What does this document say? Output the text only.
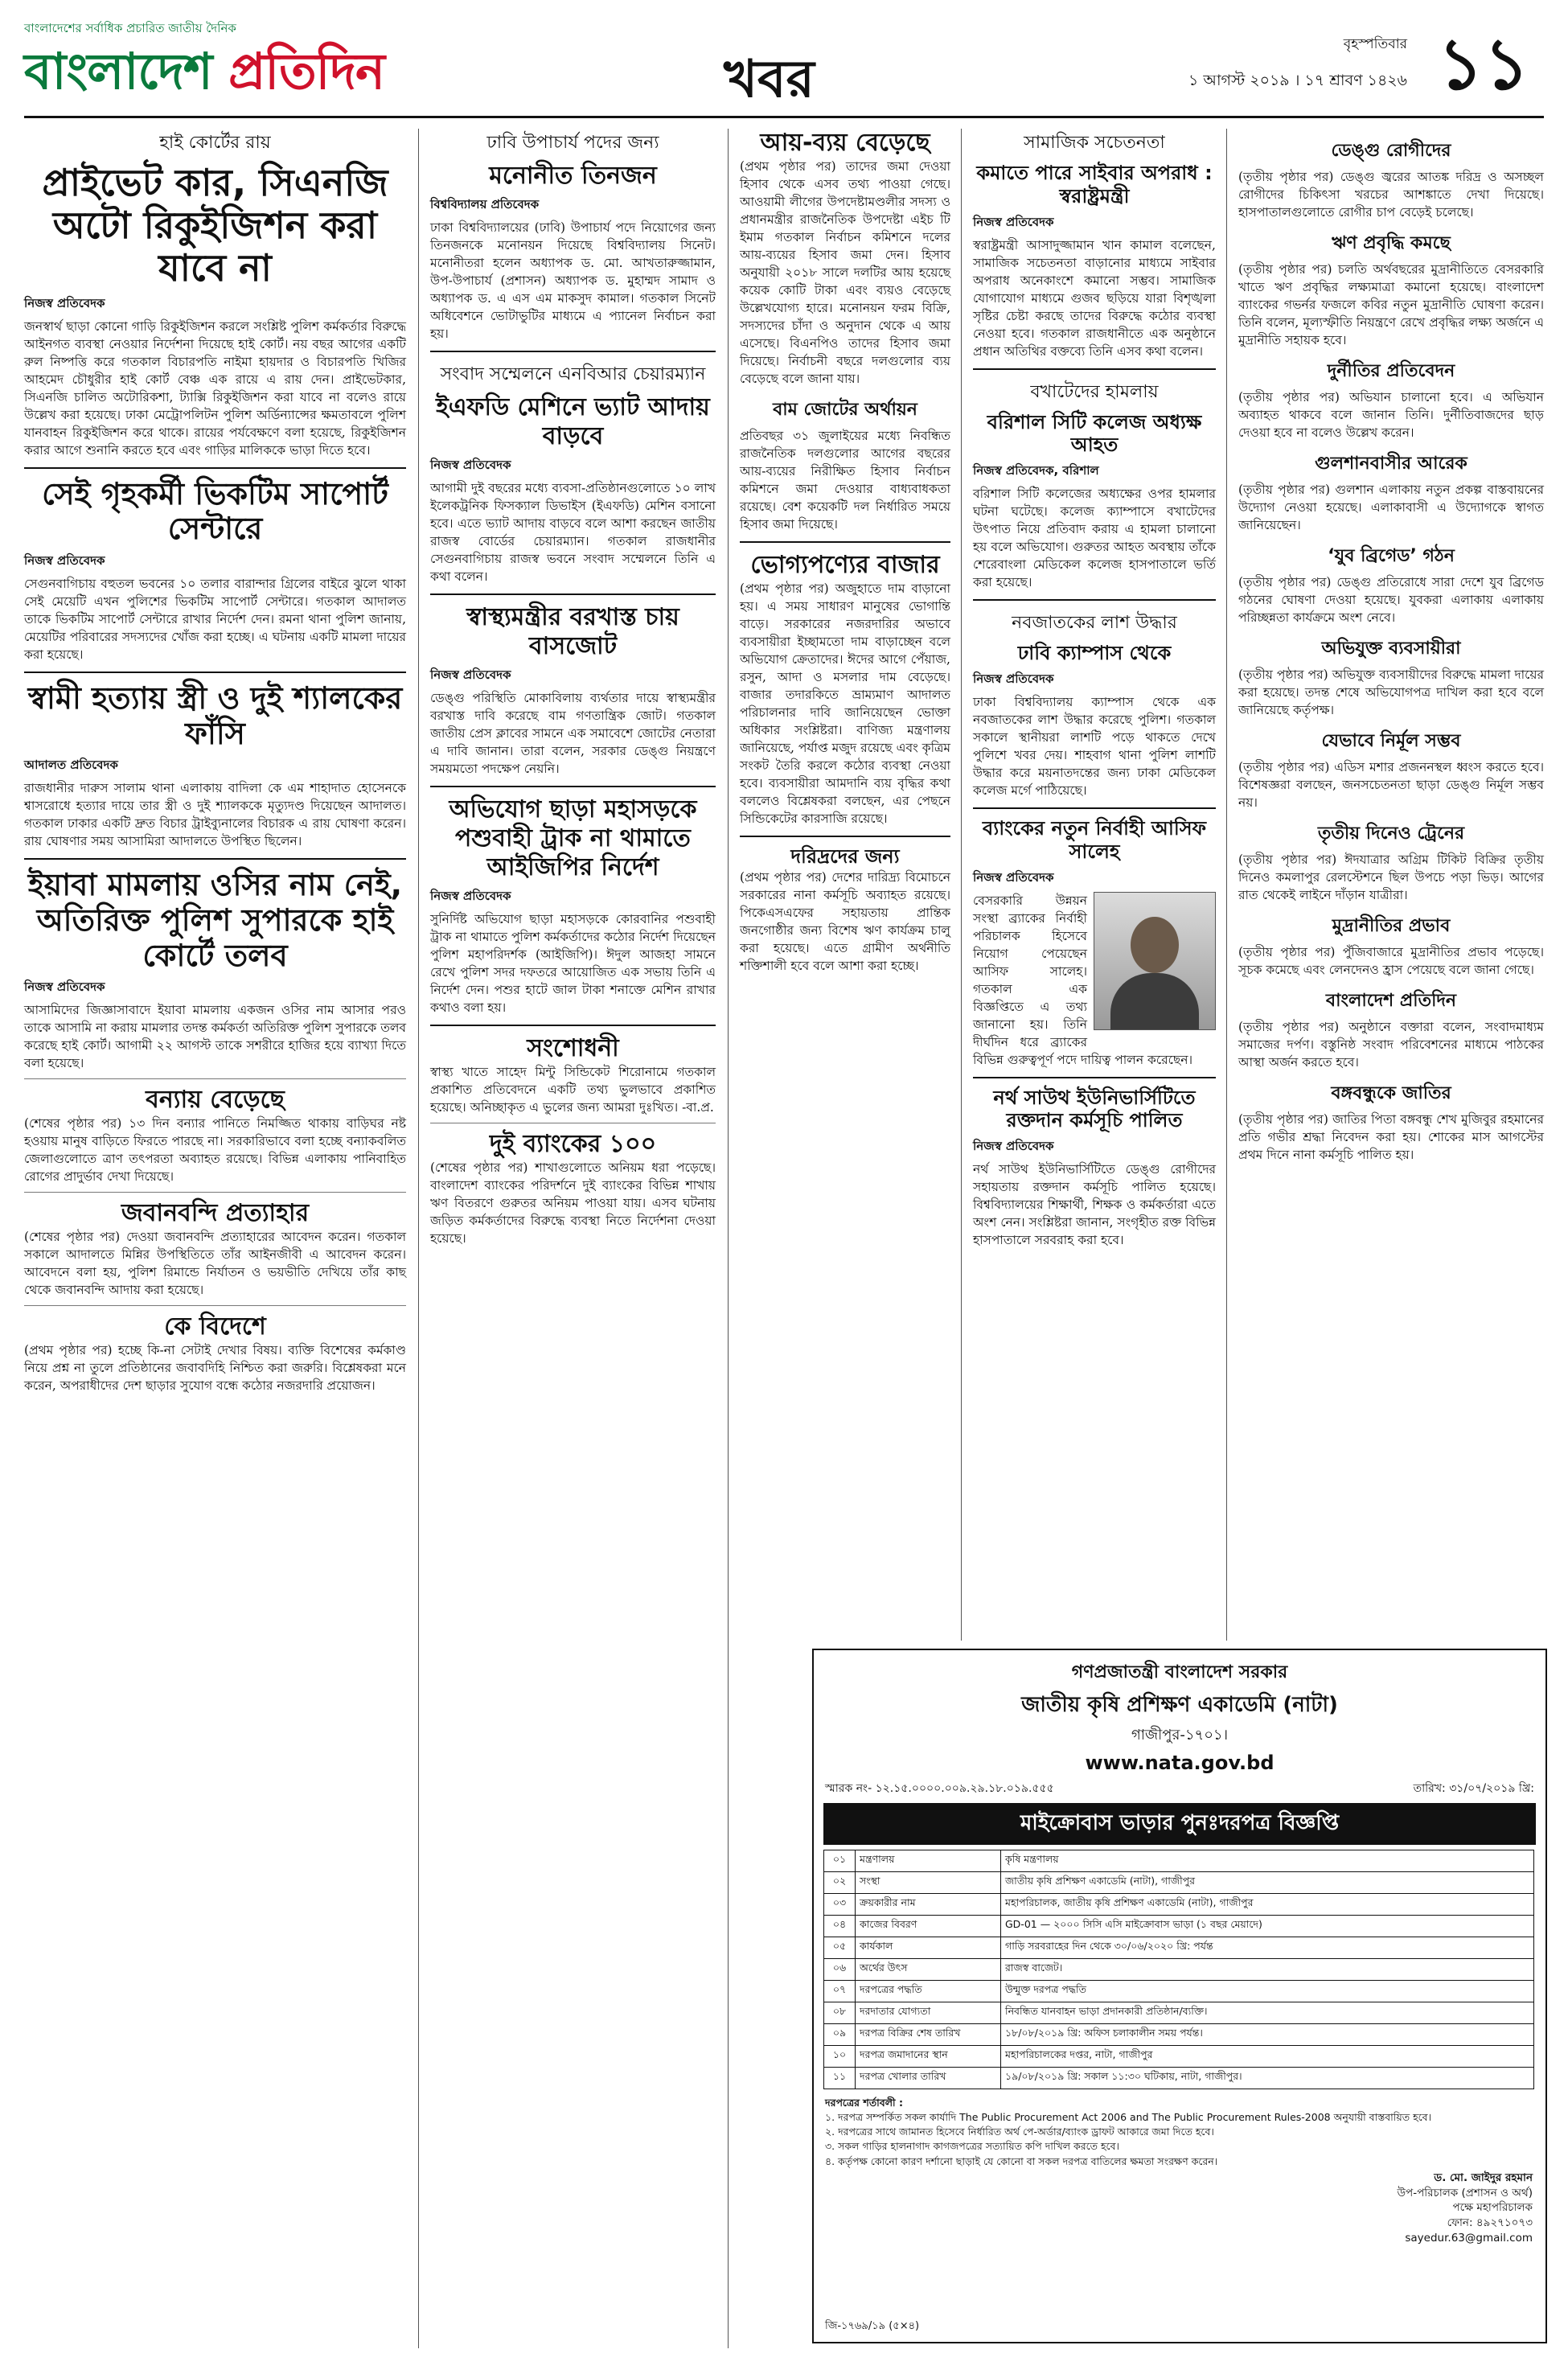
বাংলাদেশের সর্বাধিক প্রচারিত জাতীয় দৈনিক
বাংলাদেশ প্রতিদিন	খবর
বৃহস্পতিবার
১ আগস্ট ২০১৯ । ১৭ শ্রাবণ ১৪২৬ ১১
হাই কোর্টের রায়
প্রাইভেট কার, সিএনজি অটো রিকুইজিশন করা যাবে না
নিজস্ব প্রতিবেদক

জনস্বার্থ ছাড়া কোনো গাড়ি রিকুইজিশন করলে সংশ্লিষ্ট পুলিশ কর্মকর্তার বিরুদ্ধে আইনগত ব্যবস্থা নেওয়ার নির্দেশনা দিয়েছে হাই কোর্ট। নয় বছর আগের একটি রুল নিষ্পত্তি করে গতকাল বিচারপতি নাইমা হায়দার ও বিচারপতি খিজির আহমেদ চৌধুরীর হাই কোর্ট বেঞ্চ এক রায়ে এ রায় দেন। প্রাইভেটকার, সিএনজি চালিত অটোরিকশা, ট্যাক্সি রিকুইজিশন করা যাবে না বলেও রায়ে উল্লেখ করা হয়েছে। ঢাকা মেট্রোপলিটন পুলিশ অর্ডিন্যান্সের ক্ষমতাবলে পুলিশ যানবাহন রিকুইজিশন করে থাকে। রায়ের পর্যবেক্ষণে বলা হয়েছে, রিকুইজিশন করার আগে শুনানি করতে হবে এবং গাড়ির মালিককে ভাড়া দিতে হবে।

সেই গৃহকর্মী ভিকটিম সাপোর্ট সেন্টারে
নিজস্ব প্রতিবেদক

সেগুনবাগিচায় বহুতল ভবনের ১০ তলার বারান্দার গ্রিলের বাইরে ঝুলে থাকা সেই মেয়েটি এখন পুলিশের ভিকটিম সাপোর্ট সেন্টারে। গতকাল আদালত তাকে ভিকটিম সাপোর্ট সেন্টারে রাখার নির্দেশ দেন। রমনা থানা পুলিশ জানায়, মেয়েটির পরিবারের সদস্যদের খোঁজ করা হচ্ছে। এ ঘটনায় একটি মামলা দায়ের করা হয়েছে।

স্বামী হত্যায় স্ত্রী ও দুই শ্যালকের ফাঁসি
আদালত প্রতিবেদক

রাজধানীর দারুস সালাম থানা এলাকায় বাদিলা কে এম শাহাদাত হোসেনকে শ্বাসরোধে হত্যার দায়ে তার স্ত্রী ও দুই শ্যালককে মৃত্যুদণ্ড দিয়েছেন আদালত। গতকাল ঢাকার একটি দ্রুত বিচার ট্রাইব্যুনালের বিচারক এ রায় ঘোষণা করেন। রায় ঘোষণার সময় আসামিরা আদালতে উপস্থিত ছিলেন।

ইয়াবা মামলায় ওসির নাম নেই, অতিরিক্ত পুলিশ সুপারকে হাই কোর্টে তলব
নিজস্ব প্রতিবেদক

আসামিদের জিজ্ঞাসাবাদে ইয়াবা মামলায় একজন ওসির নাম আসার পরও তাকে আসামি না করায় মামলার তদন্ত কর্মকর্তা অতিরিক্ত পুলিশ সুপারকে তলব করেছে হাই কোর্ট। আগামী ২২ আগস্ট তাকে সশরীরে হাজির হয়ে ব্যাখ্যা দিতে বলা হয়েছে।

বন্যায় বেড়েছে

(শেষের পৃষ্ঠার পর) ১৩ দিন বন্যার পানিতে নিমজ্জিত থাকায় বাড়িঘর নষ্ট হওয়ায় মানুষ বাড়িতে ফিরতে পারছে না। সরকারিভাবে বলা হচ্ছে বন্যাকবলিত জেলাগুলোতে ত্রাণ তৎপরতা অব্যাহত রয়েছে। বিভিন্ন এলাকায় পানিবাহিত রোগের প্রাদুর্ভাব দেখা দিয়েছে।

জবানবন্দি প্রত্যাহার

(শেষের পৃষ্ঠার পর) দেওয়া জবানবন্দি প্রত্যাহারের আবেদন করেন। গতকাল সকালে আদালতে মিন্নির উপস্থিতিতে তাঁর আইনজীবী এ আবেদন করেন। আবেদনে বলা হয়, পুলিশ রিমান্ডে নির্যাতন ও ভয়ভীতি দেখিয়ে তাঁর কাছ থেকে জবানবন্দি আদায় করা হয়েছে।

কে বিদেশে

(প্রথম পৃষ্ঠার পর) হচ্ছে কি-না সেটাই দেখার বিষয়। ব্যক্তি বিশেষের কর্মকাণ্ড নিয়ে প্রশ্ন না তুলে প্রতিষ্ঠানের জবাবদিহি নিশ্চিত করা জরুরি। বিশ্লেষকরা মনে করেন, অপরাধীদের দেশ ছাড়ার সুযোগ বন্ধে কঠোর নজরদারি প্রয়োজন।

ঢাবি উপাচার্য পদের জন্য
মনোনীত তিনজন
বিশ্ববিদ্যালয় প্রতিবেদক

ঢাকা বিশ্ববিদ্যালয়ের (ঢাবি) উপাচার্য পদে নিয়োগের জন্য তিনজনকে মনোনয়ন দিয়েছে বিশ্ববিদ্যালয় সিনেট। মনোনীতরা হলেন অধ্যাপক ড. মো. আখতারুজ্জামান, উপ-উপাচার্য (প্রশাসন) অধ্যাপক ড. মুহাম্মদ সামাদ ও অধ্যাপক ড. এ এস এম মাকসুদ কামাল। গতকাল সিনেট অধিবেশনে ভোটাভুটির মাধ্যমে এ প্যানেল নির্বাচন করা হয়।

সংবাদ সম্মেলনে এনবিআর চেয়ারম্যান
ইএফডি মেশিনে ভ্যাট আদায় বাড়বে
নিজস্ব প্রতিবেদক

আগামী দুই বছরের মধ্যে ব্যবসা-প্রতিষ্ঠানগুলোতে ১০ লাখ ইলেকট্রনিক ফিসক্যাল ডিভাইস (ইএফডি) মেশিন বসানো হবে। এতে ভ্যাট আদায় বাড়বে বলে আশা করছেন জাতীয় রাজস্ব বোর্ডের চেয়ারম্যান। গতকাল রাজধানীর সেগুনবাগিচায় রাজস্ব ভবনে সংবাদ সম্মেলনে তিনি এ কথা বলেন।

স্বাস্থ্যমন্ত্রীর বরখাস্ত চায় বাসজোট
নিজস্ব প্রতিবেদক

ডেঙ্গু পরিস্থিতি মোকাবিলায় ব্যর্থতার দায়ে স্বাস্থ্যমন্ত্রীর বরখাস্ত দাবি করেছে বাম গণতান্ত্রিক জোট। গতকাল জাতীয় প্রেস ক্লাবের সামনে এক সমাবেশে জোটের নেতারা এ দাবি জানান। তারা বলেন, সরকার ডেঙ্গু নিয়ন্ত্রণে সময়মতো পদক্ষেপ নেয়নি।

অভিযোগ ছাড়া মহাসড়কে পশুবাহী ট্রাক না থামাতে আইজিপির নির্দেশ
নিজস্ব প্রতিবেদক

সুনির্দিষ্ট অভিযোগ ছাড়া মহাসড়কে কোরবানির পশুবাহী ট্রাক না থামাতে পুলিশ কর্মকর্তাদের কঠোর নির্দেশ দিয়েছেন পুলিশ মহাপরিদর্শক (আইজিপি)। ঈদুল আজহা সামনে রেখে পুলিশ সদর দফতরে আয়োজিত এক সভায় তিনি এ নির্দেশ দেন। পশুর হাটে জাল টাকা শনাক্তে মেশিন রাখার কথাও বলা হয়।

সংশোধনী

স্বাস্থ্য খাতে সাহেদ মিন্টু সিন্ডিকেট শিরোনামে গতকাল প্রকাশিত প্রতিবেদনে একটি তথ্য ভুলভাবে প্রকাশিত হয়েছে। অনিচ্ছাকৃত এ ভুলের জন্য আমরা দুঃখিত। -বা.প্র.

দুই ব্যাংকের ১০০

(শেষের পৃষ্ঠার পর) শাখাগুলোতে অনিয়ম ধরা পড়েছে। বাংলাদেশ ব্যাংকের পরিদর্শনে দুই ব্যাংকের বিভিন্ন শাখায় ঋণ বিতরণে গুরুতর অনিয়ম পাওয়া যায়। এসব ঘটনায় জড়িত কর্মকর্তাদের বিরুদ্ধে ব্যবস্থা নিতে নির্দেশনা দেওয়া হয়েছে।

আয়-ব্যয় বেড়েছে

(প্রথম পৃষ্ঠার পর) তাদের জমা দেওয়া হিসাব থেকে এসব তথ্য পাওয়া গেছে। আওয়ামী লীগের উপদেষ্টামণ্ডলীর সদস্য ও প্রধানমন্ত্রীর রাজনৈতিক উপদেষ্টা এইচ টি ইমাম গতকাল নির্বাচন কমিশনে দলের আয়-ব্যয়ের হিসাব জমা দেন। হিসাব অনুযায়ী ২০১৮ সালে দলটির আয় হয়েছে কয়েক কোটি টাকা এবং ব্যয়ও বেড়েছে উল্লেখযোগ্য হারে। মনোনয়ন ফরম বিক্রি, সদস্যদের চাঁদা ও অনুদান থেকে এ আয় এসেছে। বিএনপিও তাদের হিসাব জমা দিয়েছে। নির্বাচনী বছরে দলগুলোর ব্যয় বেড়েছে বলে জানা যায়।

বাম জোটের অর্থায়ন

প্রতিবছর ৩১ জুলাইয়ের মধ্যে নিবন্ধিত রাজনৈতিক দলগুলোর আগের বছরের আয়-ব্যয়ের নিরীক্ষিত হিসাব নির্বাচন কমিশনে জমা দেওয়ার বাধ্যবাধকতা রয়েছে। বেশ কয়েকটি দল নির্ধারিত সময়ে হিসাব জমা দিয়েছে।

ভোগ্যপণ্যের বাজার

(প্রথম পৃষ্ঠার পর) অজুহাতে দাম বাড়ানো হয়। এ সময় সাধারণ মানুষের ভোগান্তি বাড়ে। সরকারের নজরদারির অভাবে ব্যবসায়ীরা ইচ্ছামতো দাম বাড়াচ্ছেন বলে অভিযোগ ক্রেতাদের। ঈদের আগে পেঁয়াজ, রসুন, আদা ও মসলার দাম বেড়েছে। বাজার তদারকিতে ভ্রাম্যমাণ আদালত পরিচালনার দাবি জানিয়েছেন ভোক্তা অধিকার সংশ্লিষ্টরা। বাণিজ্য মন্ত্রণালয় জানিয়েছে, পর্যাপ্ত মজুদ রয়েছে এবং কৃত্রিম সংকট তৈরি করলে কঠোর ব্যবস্থা নেওয়া হবে। ব্যবসায়ীরা আমদানি ব্যয় বৃদ্ধির কথা বললেও বিশ্লেষকরা বলছেন, এর পেছনে সিন্ডিকেটের কারসাজি রয়েছে।

দরিদ্রদের জন্য

(প্রথম পৃষ্ঠার পর) দেশের দারিদ্র্য বিমোচনে সরকারের নানা কর্মসূচি অব্যাহত রয়েছে। পিকেএসএফের সহায়তায় প্রান্তিক জনগোষ্ঠীর জন্য বিশেষ ঋণ কার্যক্রম চালু করা হয়েছে। এতে গ্রামীণ অর্থনীতি শক্তিশালী হবে বলে আশা করা হচ্ছে।

সামাজিক সচেতনতা
কমাতে পারে সাইবার অপরাধ : স্বরাষ্ট্রমন্ত্রী
নিজস্ব প্রতিবেদক

স্বরাষ্ট্রমন্ত্রী আসাদুজ্জামান খান কামাল বলেছেন, সামাজিক সচেতনতা বাড়ানোর মাধ্যমে সাইবার অপরাধ অনেকাংশে কমানো সম্ভব। সামাজিক যোগাযোগ মাধ্যমে গুজব ছড়িয়ে যারা বিশৃঙ্খলা সৃষ্টির চেষ্টা করছে তাদের বিরুদ্ধে কঠোর ব্যবস্থা নেওয়া হবে। গতকাল রাজধানীতে এক অনুষ্ঠানে প্রধান অতিথির বক্তব্যে তিনি এসব কথা বলেন।

বখাটেদের হামলায়
বরিশাল সিটি কলেজ অধ্যক্ষ আহত
নিজস্ব প্রতিবেদক, বরিশাল

বরিশাল সিটি কলেজের অধ্যক্ষের ওপর হামলার ঘটনা ঘটেছে। কলেজ ক্যাম্পাসে বখাটেদের উৎপাত নিয়ে প্রতিবাদ করায় এ হামলা চালানো হয় বলে অভিযোগ। গুরুতর আহত অবস্থায় তাঁকে শেরেবাংলা মেডিকেল কলেজ হাসপাতালে ভর্তি করা হয়েছে।

নবজাতকের লাশ উদ্ধার
ঢাবি ক্যাম্পাস থেকে
নিজস্ব প্রতিবেদক

ঢাকা বিশ্ববিদ্যালয় ক্যাম্পাস থেকে এক নবজাতকের লাশ উদ্ধার করেছে পুলিশ। গতকাল সকালে স্থানীয়রা লাশটি পড়ে থাকতে দেখে পুলিশে খবর দেয়। শাহবাগ থানা পুলিশ লাশটি উদ্ধার করে ময়নাতদন্তের জন্য ঢাকা মেডিকেল কলেজ মর্গে পাঠিয়েছে।

ব্যাংকের নতুন নির্বাহী আসিফ সালেহ
নিজস্ব প্রতিবেদক

বেসরকারি উন্নয়ন সংস্থা ব্র্যাকের নির্বাহী পরিচালক হিসেবে নিয়োগ পেয়েছেন আসিফ সালেহ। গতকাল এক বিজ্ঞপ্তিতে এ তথ্য জানানো হয়। তিনি দীর্ঘদিন ধরে ব্র্যাকের বিভিন্ন গুরুত্বপূর্ণ পদে দায়িত্ব পালন করেছেন।

নর্থ সাউথ ইউনিভার্সিটিতে রক্তদান কর্মসূচি পালিত
নিজস্ব প্রতিবেদক

নর্থ সাউথ ইউনিভার্সিটিতে ডেঙ্গু রোগীদের সহায়তায় রক্তদান কর্মসূচি পালিত হয়েছে। বিশ্ববিদ্যালয়ের শিক্ষার্থী, শিক্ষক ও কর্মকর্তারা এতে অংশ নেন। সংশ্লিষ্টরা জানান, সংগৃহীত রক্ত বিভিন্ন হাসপাতালে সরবরাহ করা হবে।

ডেঙ্গু রোগীদের

(তৃতীয় পৃষ্ঠার পর) ডেঙ্গু জ্বরের আতঙ্ক দরিদ্র ও অসচ্ছল রোগীদের চিকিৎসা খরচের আশঙ্কাতে দেখা দিয়েছে। হাসপাতালগুলোতে রোগীর চাপ বেড়েই চলেছে।

ঋণ প্রবৃদ্ধি কমছে

(তৃতীয় পৃষ্ঠার পর) চলতি অর্থবছরের মুদ্রানীতিতে বেসরকারি খাতে ঋণ প্রবৃদ্ধির লক্ষ্যমাত্রা কমানো হয়েছে। বাংলাদেশ ব্যাংকের গভর্নর ফজলে কবির নতুন মুদ্রানীতি ঘোষণা করেন। তিনি বলেন, মূল্যস্ফীতি নিয়ন্ত্রণে রেখে প্রবৃদ্ধির লক্ষ্য অর্জনে এ মুদ্রানীতি সহায়ক হবে।

দুর্নীতির প্রতিবেদন

(তৃতীয় পৃষ্ঠার পর) অভিযান চালানো হবে। এ অভিযান অব্যাহত থাকবে বলে জানান তিনি। দুর্নীতিবাজদের ছাড় দেওয়া হবে না বলেও উল্লেখ করেন।

গুলশানবাসীর আরেক

(তৃতীয় পৃষ্ঠার পর) গুলশান এলাকায় নতুন প্রকল্প বাস্তবায়নের উদ্যোগ নেওয়া হয়েছে। এলাকাবাসী এ উদ্যোগকে স্বাগত জানিয়েছেন।

‘যুব ব্রিগেড’ গঠন

(তৃতীয় পৃষ্ঠার পর) ডেঙ্গু প্রতিরোধে সারা দেশে যুব ব্রিগেড গঠনের ঘোষণা দেওয়া হয়েছে। যুবকরা এলাকায় এলাকায় পরিচ্ছন্নতা কার্যক্রমে অংশ নেবে।

অভিযুক্ত ব্যবসায়ীরা

(তৃতীয় পৃষ্ঠার পর) অভিযুক্ত ব্যবসায়ীদের বিরুদ্ধে মামলা দায়ের করা হয়েছে। তদন্ত শেষে অভিযোগপত্র দাখিল করা হবে বলে জানিয়েছে কর্তৃপক্ষ।

যেভাবে নির্মূল সম্ভব

(তৃতীয় পৃষ্ঠার পর) এডিস মশার প্রজননস্থল ধ্বংস করতে হবে। বিশেষজ্ঞরা বলছেন, জনসচেতনতা ছাড়া ডেঙ্গু নির্মূল সম্ভব নয়।

তৃতীয় দিনেও ট্রেনের

(তৃতীয় পৃষ্ঠার পর) ঈদযাত্রার অগ্রিম টিকিট বিক্রির তৃতীয় দিনেও কমলাপুর রেলস্টেশনে ছিল উপচে পড়া ভিড়। আগের রাত থেকেই লাইনে দাঁড়ান যাত্রীরা।

মুদ্রানীতির প্রভাব

(তৃতীয় পৃষ্ঠার পর) পুঁজিবাজারে মুদ্রানীতির প্রভাব পড়েছে। সূচক কমেছে এবং লেনদেনও হ্রাস পেয়েছে বলে জানা গেছে।

বাংলাদেশ প্রতিদিন

(তৃতীয় পৃষ্ঠার পর) অনুষ্ঠানে বক্তারা বলেন, সংবাদমাধ্যম সমাজের দর্পণ। বস্তুনিষ্ঠ সংবাদ পরিবেশনের মাধ্যমে পাঠকের আস্থা অর্জন করতে হবে।

বঙ্গবন্ধুকে জাতির

(তৃতীয় পৃষ্ঠার পর) জাতির পিতা বঙ্গবন্ধু শেখ মুজিবুর রহমানের প্রতি গভীর শ্রদ্ধা নিবেদন করা হয়। শোকের মাস আগস্টের প্রথম দিনে নানা কর্মসূচি পালিত হয়।

গণপ্রজাতন্ত্রী বাংলাদেশ সরকার
জাতীয় কৃষি প্রশিক্ষণ একাডেমি (নাটা)
গাজীপুর-১৭০১।
www.nata.gov.bd
স্মারক নং- ১২.১৫.০০০০.০০৯.২৯.১৮.০১৯.৫৫৫	তারিখ: ৩১/০৭/২০১৯ খ্রি:
মাইক্রোবাস ভাড়ার পুনঃদরপত্র বিজ্ঞপ্তি
০১	মন্ত্রণালয়	কৃষি মন্ত্রণালয়
০২	সংস্থা	জাতীয় কৃষি প্রশিক্ষণ একাডেমি (নাটা), গাজীপুর
০৩	ক্রয়কারীর নাম	মহাপরিচালক, জাতীয় কৃষি প্রশিক্ষণ একাডেমি (নাটা), গাজীপুর
০৪	কাজের বিবরণ	GD-01 — ২০০০ সিসি এসি মাইক্রোবাস ভাড়া (১ বছর মেয়াদে)
০৫	কার্যকাল	গাড়ি সরবরাহের দিন থেকে ৩০/০৬/২০২০ খ্রি: পর্যন্ত
০৬	অর্থের উৎস	রাজস্ব বাজেট।
০৭	দরপত্রের পদ্ধতি	উন্মুক্ত দরপত্র পদ্ধতি
০৮	দরদাতার যোগ্যতা	নিবন্ধিত যানবাহন ভাড়া প্রদানকারী প্রতিষ্ঠান/ব্যক্তি।
০৯	দরপত্র বিক্রির শেষ তারিখ	১৮/০৮/২০১৯ খ্রি: অফিস চলাকালীন সময় পর্যন্ত।
১০	দরপত্র জমাদানের স্থান	মহাপরিচালকের দপ্তর, নাটা, গাজীপুর
১১	দরপত্র খোলার তারিখ	১৯/০৮/২০১৯ খ্রি: সকাল ১১:৩০ ঘটিকায়, নাটা, গাজীপুর।
দরপত্রের শর্তাবলী :
১. দরপত্র সম্পর্কিত সকল কার্যাদি The Public Procurement Act 2006 and The Public Procurement Rules-2008 অনুযায়ী বাস্তবায়িত হবে।
২. দরপত্রের সাথে জামানত হিসেবে নির্ধারিত অর্থ পে-অর্ডার/ব্যাংক ড্রাফট আকারে জমা দিতে হবে।
৩. সকল গাড়ির হালনাগাদ কাগজপত্রের সত্যায়িত কপি দাখিল করতে হবে।
৪. কর্তৃপক্ষ কোনো কারণ দর্শানো ছাড়াই যে কোনো বা সকল দরপত্র বাতিলের ক্ষমতা সংরক্ষণ করেন।
ড. মো. জাইদুর রহমান
উপ-পরিচালক (প্রশাসন ও অর্থ)
পক্ষে মহাপরিচালক
ফোন: ৪৯২৭১০৭৩
sayedur.63@gmail.com
জি-১৭৬৯/১৯ (৫×৪)
